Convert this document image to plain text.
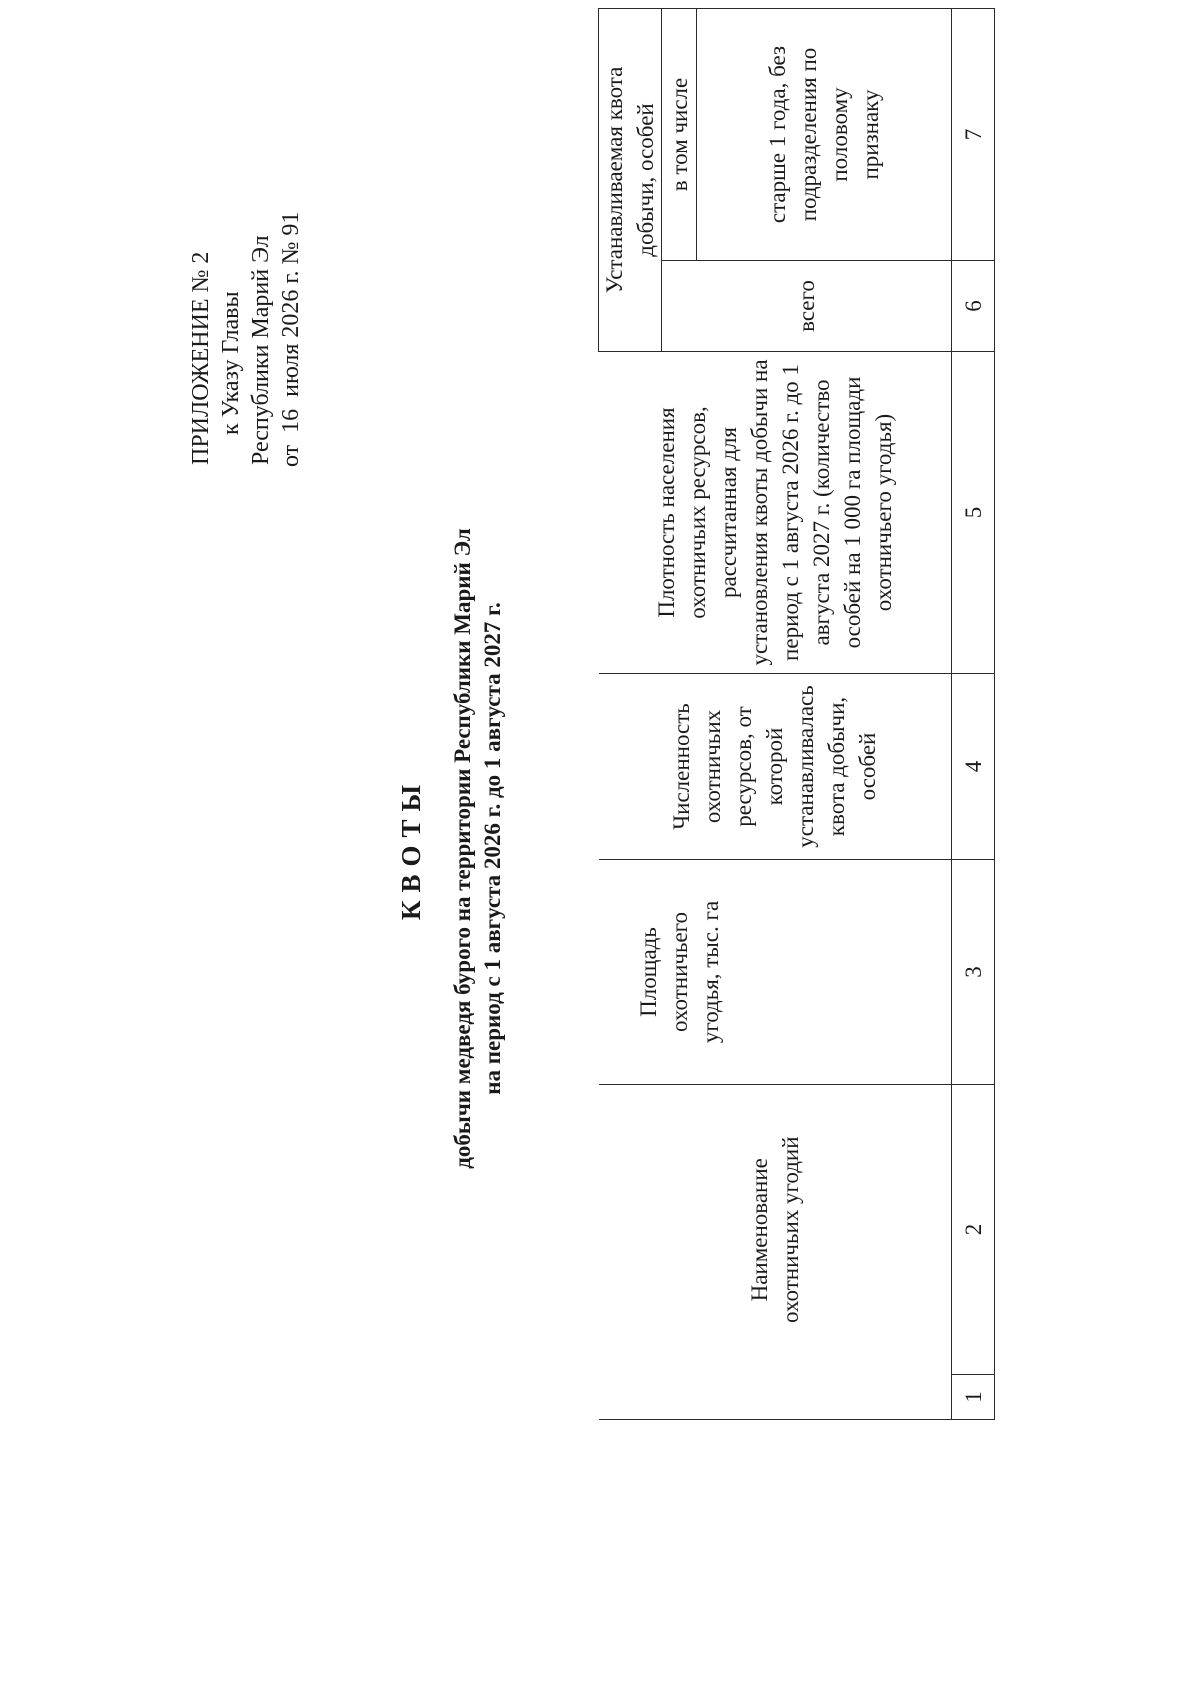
ПРИЛОЖЕНИЕ № 2 к Указу Главы Республики Марий Эл от16июля 2026 г. № 91
КВОТЫ добычи медведя бурого на территории Республики Марий Эл на период с 1 августа 2026 г. до 1 августа 2027 г.

	Наименование охотничьих угодий	Площадь охотничьего угодья, тыс. га	Численность охотничьих ресурсов, от которой устанавливалась квота добычи, особей	Плотность населения охотничьих ресурсов, рассчитанная для установления квоты добычи на период с 1 августа 2026 г. до 1 августа 2027 г. (количество особей на 1 000 га площади охотничьего угодья)	Устанавливаемая квота добычи, особей	

					всего	в том числе

						старше 1 года, без подразделения по половому признаку

1	2	3	4	5	6	7
